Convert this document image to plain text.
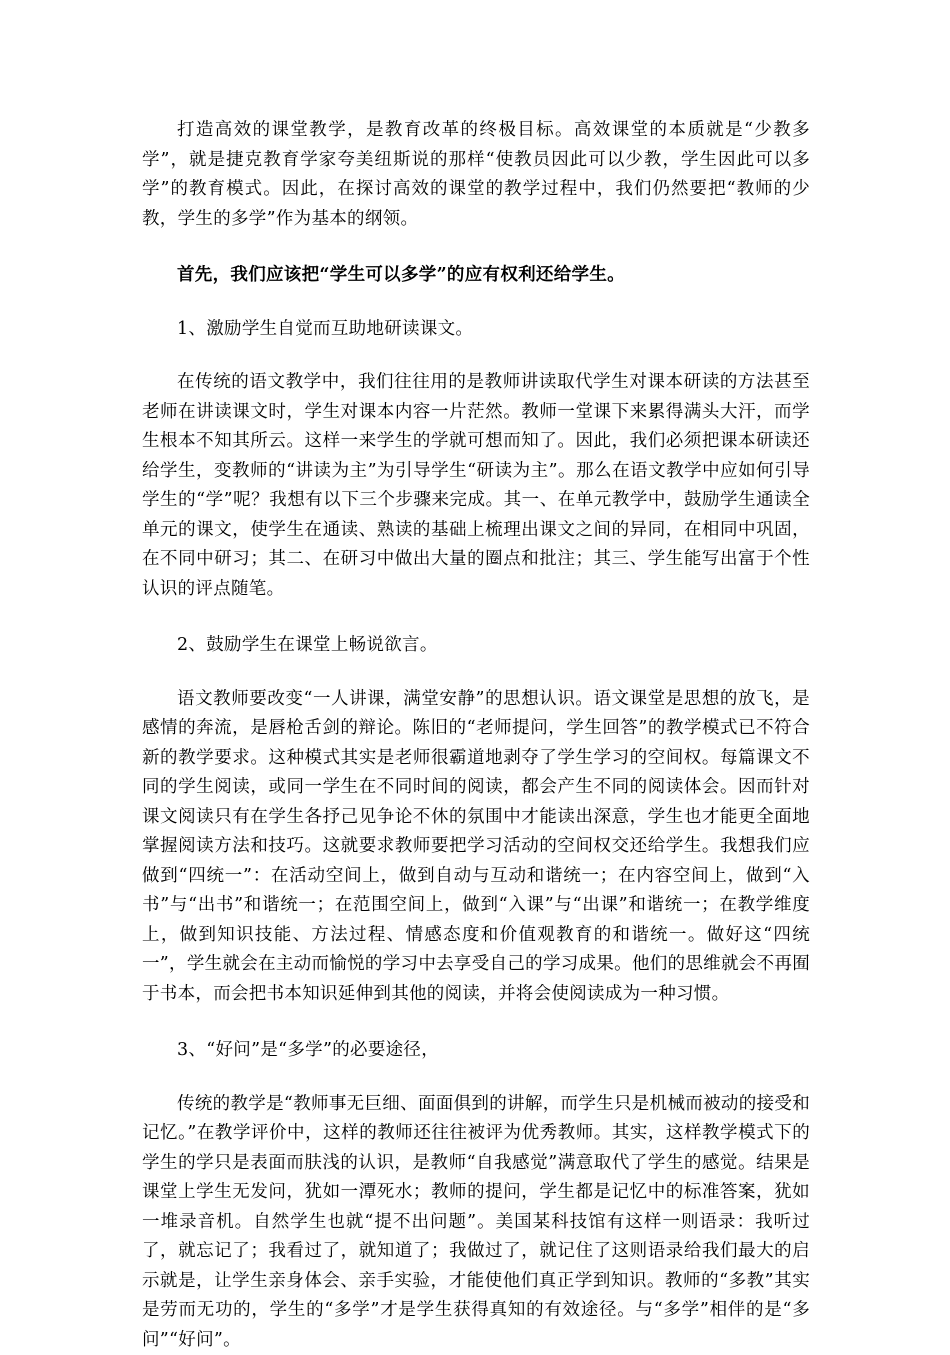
打造高效的课堂教学，是教育改革的终极目标。高效课堂的本质就是“少教多学”，就是捷克教育学家夸美纽斯说的那样“使教员因此可以少教，学生因此可以多学”的教育模式。因此，在探讨高效的课堂的教学过程中，我们仍然要把“教师的少教，学生的多学”作为基本的纲领。

首先，我们应该把“学生可以多学”的应有权利还给学生。

1、激励学生自觉而互助地研读课文。

在传统的语文教学中，我们往往用的是教师讲读取代学生对课本研读的方法甚至老师在讲读课文时，学生对课本内容一片茫然。教师一堂课下来累得满头大汗，而学生根本不知其所云。这样一来学生的学就可想而知了。因此，我们必须把课本研读还给学生，变教师的“讲读为主”为引导学生“研读为主”。那么在语文教学中应如何引导学生的“学”呢？我想有以下三个步骤来完成。其一、在单元教学中，鼓励学生通读全单元的课文，使学生在通读、熟读的基础上梳理出课文之间的异同，在相同中巩固，在不同中研习；其二、在研习中做出大量的圈点和批注；其三、学生能写出富于个性认识的评点随笔。

2、鼓励学生在课堂上畅说欲言。

语文教师要改变“一人讲课，满堂安静”的思想认识。语文课堂是思想的放飞，是感情的奔流，是唇枪舌剑的辩论。陈旧的“老师提问，学生回答”的教学模式已不符合新的教学要求。这种模式其实是老师很霸道地剥夺了学生学习的空间权。每篇课文不同的学生阅读，或同一学生在不同时间的阅读，都会产生不同的阅读体会。因而针对课文阅读只有在学生各抒己见争论不休的氛围中才能读出深意，学生也才能更全面地掌握阅读方法和技巧。这就要求教师要把学习活动的空间权交还给学生。我想我们应做到“四统一”：在活动空间上，做到自动与互动和谐统一；在内容空间上，做到“入书”与“出书”和谐统一；在范围空间上，做到“入课”与“出课”和谐统一；在教学维度上，做到知识技能、方法过程、情感态度和价值观教育的和谐统一。做好这“四统一”，学生就会在主动而愉悦的学习中去享受自己的学习成果。他们的思维就会不再囿于书本，而会把书本知识延伸到其他的阅读，并将会使阅读成为一种习惯。

3、“好问”是“多学”的必要途径，

传统的教学是“教师事无巨细、面面俱到的讲解，而学生只是机械而被动的接受和记忆。”在教学评价中，这样的教师还往往被评为优秀教师。其实，这样教学模式下的学生的学只是表面而肤浅的认识，是教师“自我感觉”满意取代了学生的感觉。结果是课堂上学生无发问，犹如一潭死水；教师的提问，学生都是记忆中的标准答案，犹如一堆录音机。自然学生也就“提不出问题”。美国某科技馆有这样一则语录：我听过了，就忘记了；我看过了，就知道了；我做过了，就记住了这则语录给我们最大的启示就是，让学生亲身体会、亲手实验，才能使他们真正学到知识。教师的“多教”其实是劳而无功的，学生的“多学”才是学生获得真知的有效途径。与“多学”相伴的是“多问”“好问”。
